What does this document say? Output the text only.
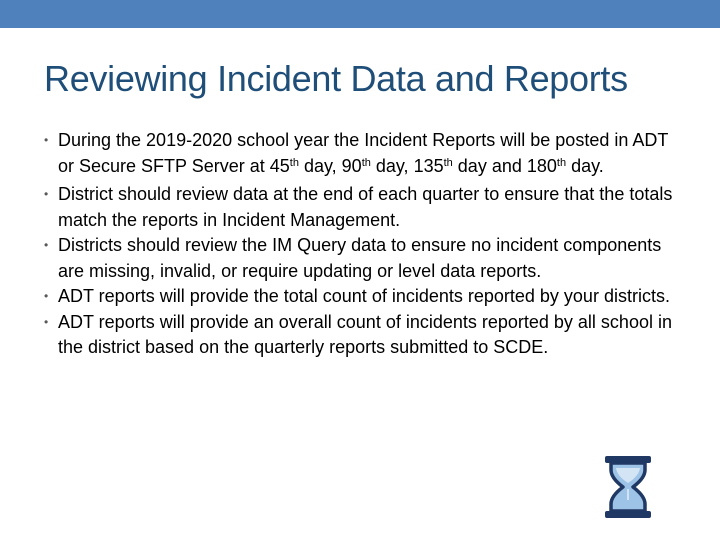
Reviewing Incident Data and Reports
• During the 2019-2020 school year the Incident Reports will be posted in ADT or Secure SFTP Server at 45th day, 90th day, 135th day and 180th day.
• District should review data at the end of each quarter to ensure that the totals match the reports in Incident Management.
• Districts should review the IM Query data to ensure no incident components are missing, invalid, or require updating or level data reports.
• ADT reports will provide the total count of incidents reported by your districts.
• ADT reports will provide an overall count of incidents reported by all school in the district based on the quarterly reports submitted to SCDE.
